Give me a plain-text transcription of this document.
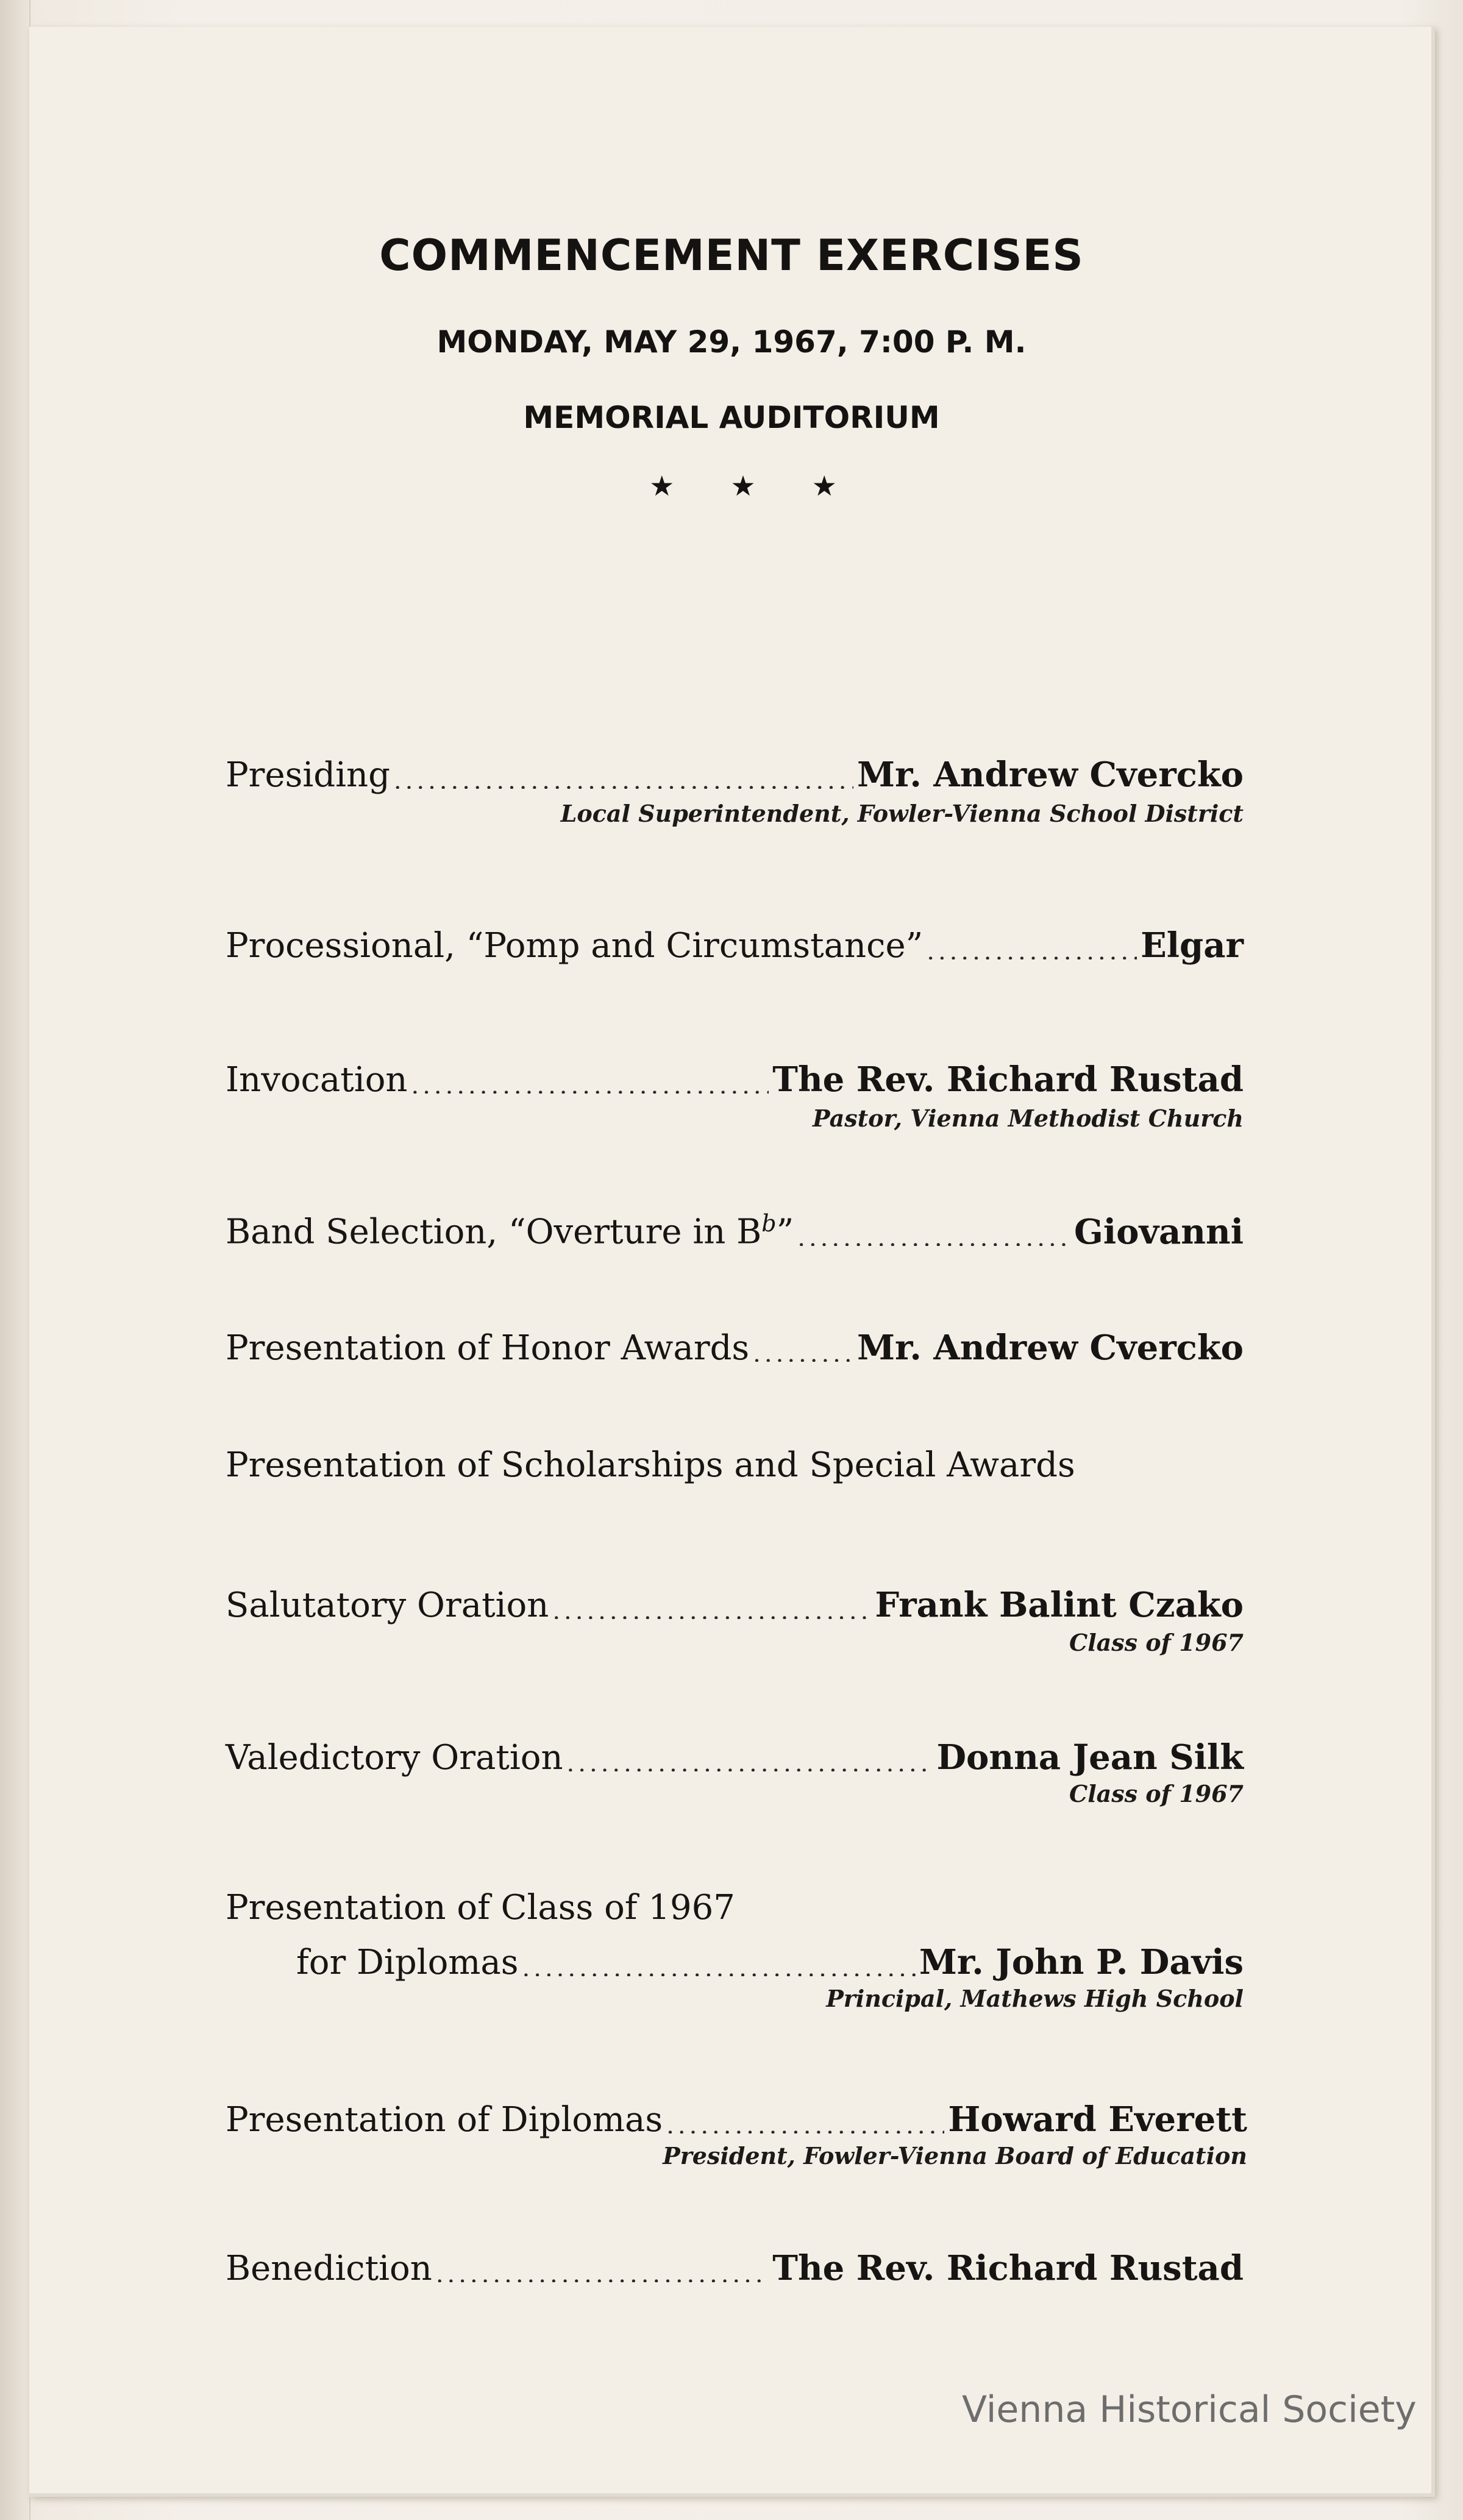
COMMENCEMENT EXERCISES
MONDAY, MAY 29, 1967, 7:00 P. M.
MEMORIAL AUDITORIUM
★ ★ ★
Presiding .....	Mr. Andrew Cvercko
Local Superintendent, Fowler-Vienna School District
Processional, “Pomp and Circumstance” .....	Elgar
Invocation .....	The Rev. Richard Rustad
Pastor, Vienna Methodist Church
Band Selection, “Overture in $B^b$” .....	Giovanni
Presentation of Honor Awards .....	Mr. Andrew Cvercko
Presentation of Scholarships and Special Awards
Salutatory Oration .....	Frank Balint Czako
Class of 1967
Valedictory Oration .....	Donna Jean Silk
Class of 1967
Presentation of Class of 1967
for Diplomas .....	Mr. John P. Davis
Principal, Mathews High School
Presentation of Diplomas .....	Howard Everett
President, Fowler-Vienna Board of Education
Benediction .....	The Rev. Richard Rustad
Vienna Historical Society
